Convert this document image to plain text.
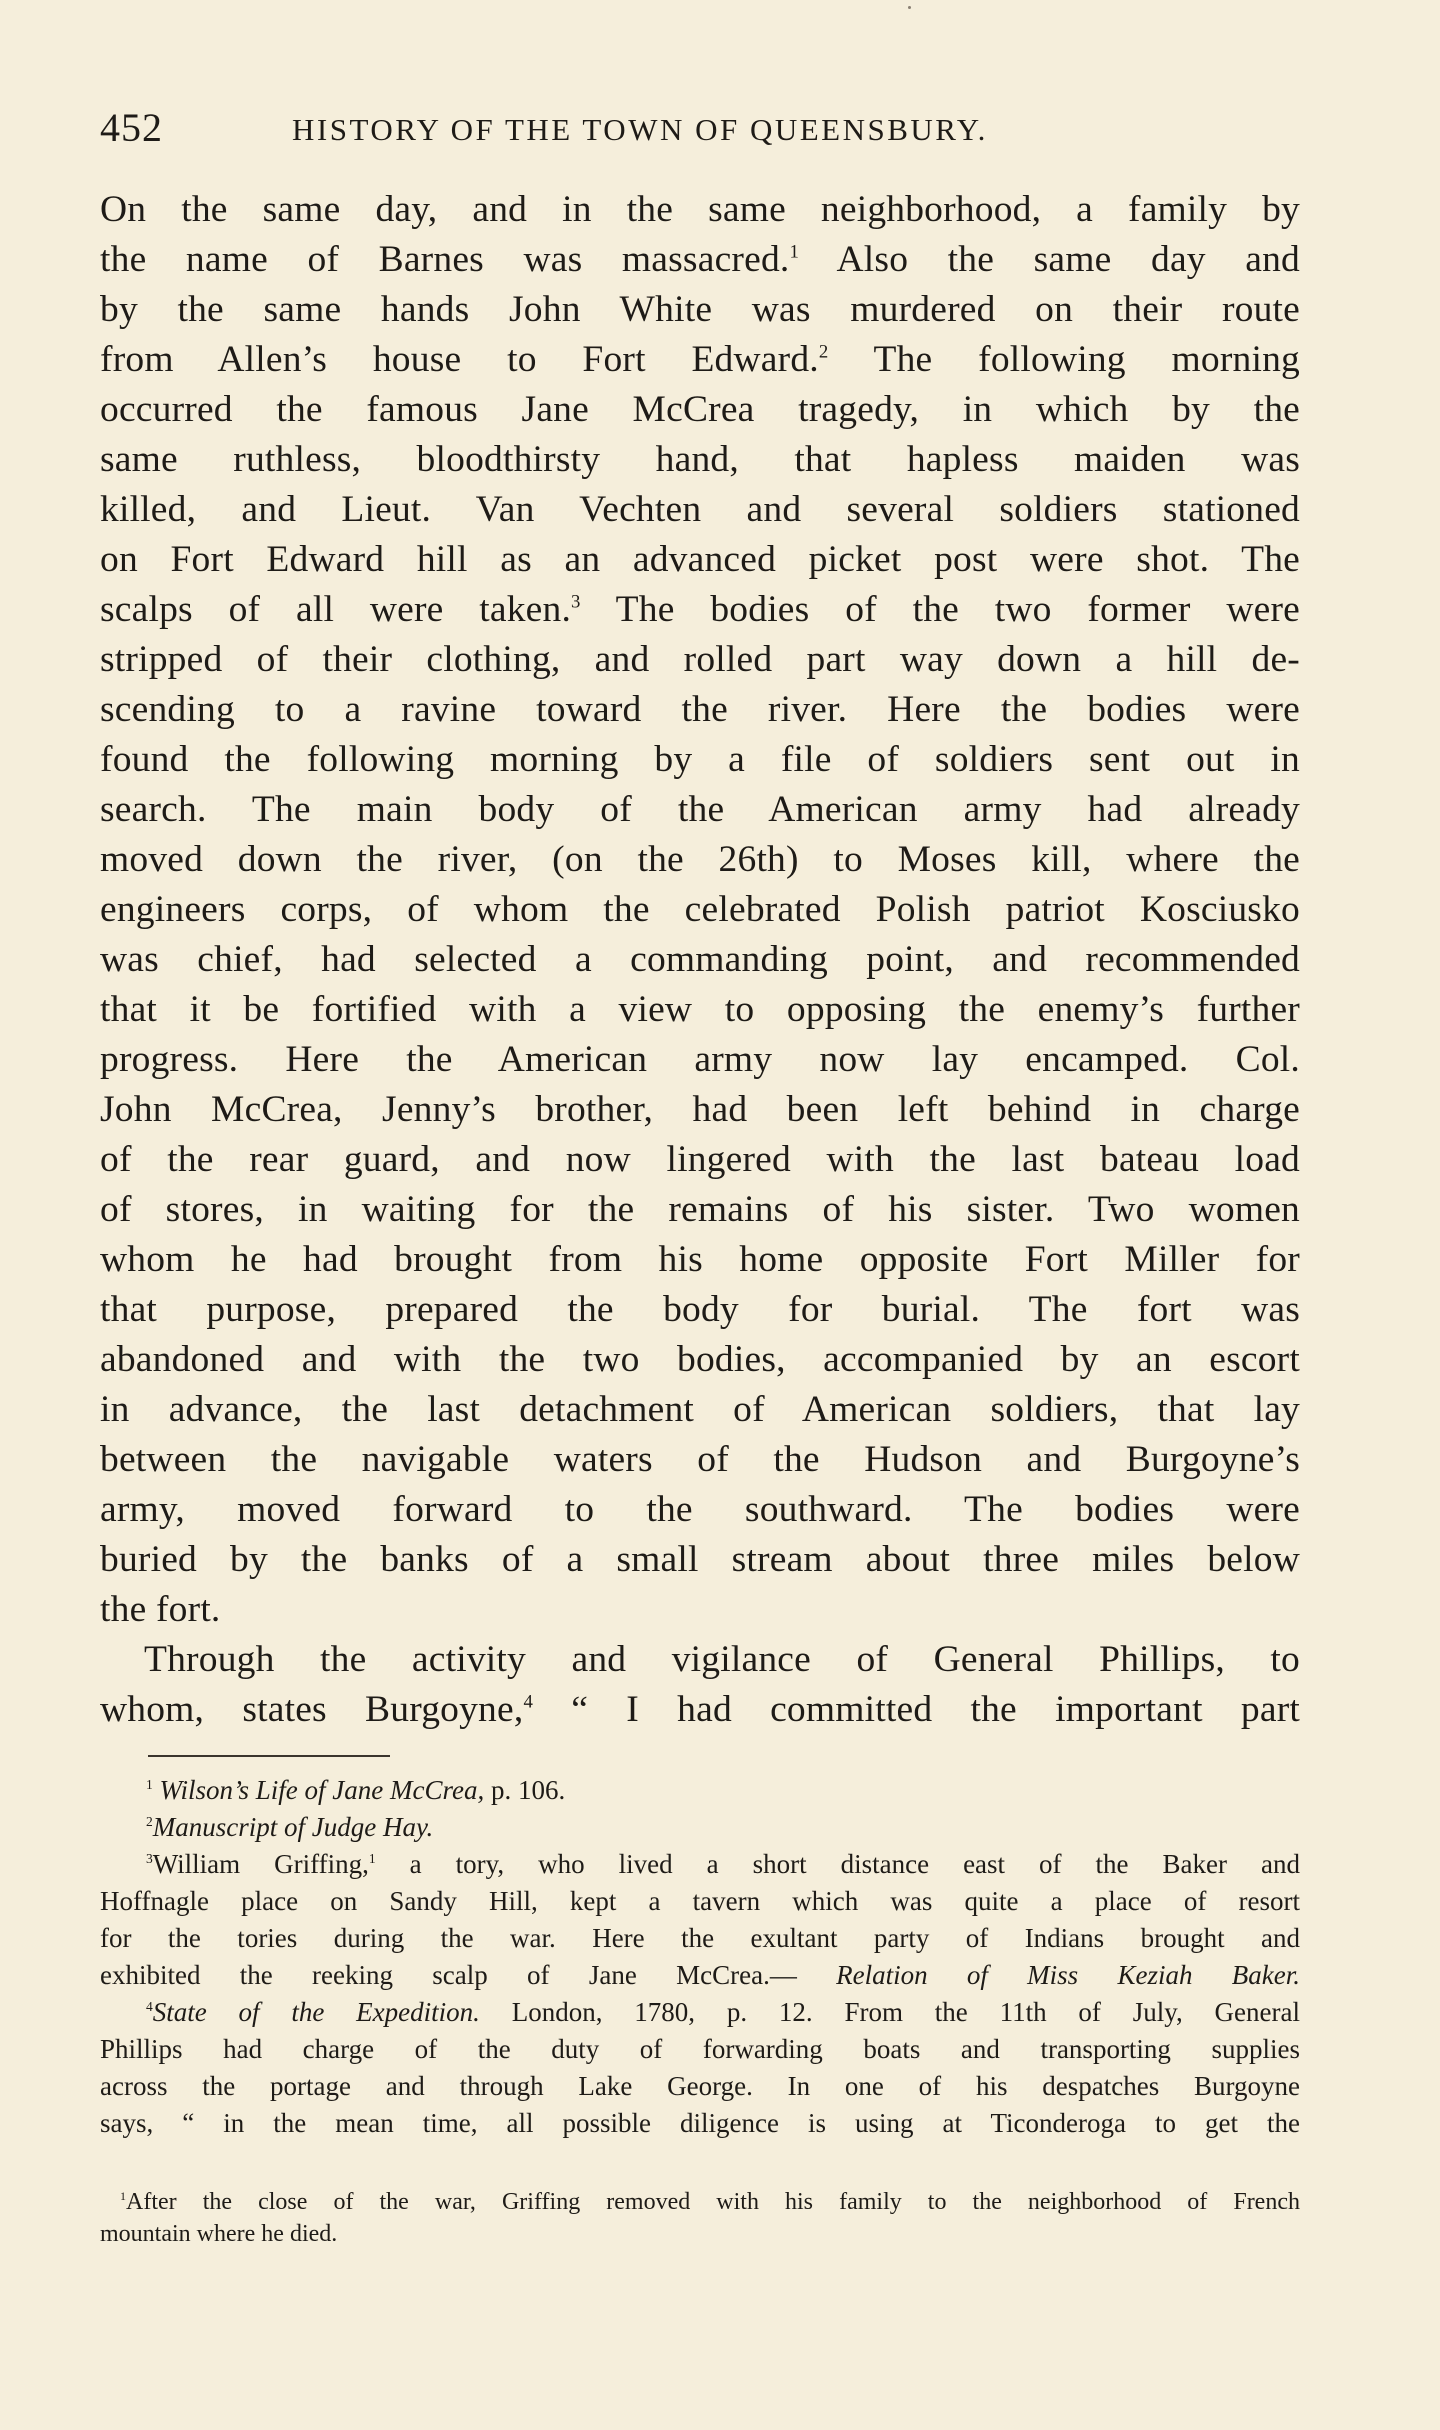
452	HISTORY OF THE TOWN OF QUEENSBURY.
On the same day, and in the same neighborhood, a family by
the name of Barnes was massacred.$^1$ Also the same day and
by the same hands John White was murdered on their route
from Allen’s house to Fort Edward.$^2$ The following morning
occurred the famous Jane McCrea tragedy, in which by the
same ruthless, bloodthirsty hand, that hapless maiden was
killed, and Lieut. Van Vechten and several soldiers stationed
on Fort Edward hill as an advanced picket post were shot. The
scalps of all were taken.$^3$ The bodies of the two former were
stripped of their clothing, and rolled part way down a hill de-
scending to a ravine toward the river. Here the bodies were
found the following morning by a file of soldiers sent out in
search. The main body of the American army had already
moved down the river, (on the 26th) to Moses kill, where the
engineers corps, of whom the celebrated Polish patriot Kosciusko
was chief, had selected a commanding point, and recommended
that it be fortified with a view to opposing the enemy’s further
progress. Here the American army now lay encamped. Col.
John McCrea, Jenny’s brother, had been left behind in charge
of the rear guard, and now lingered with the last bateau load
of stores, in waiting for the remains of his sister. Two women
whom he had brought from his home opposite Fort Miller for
that purpose, prepared the body for burial. The fort was
abandoned and with the two bodies, accompanied by an escort
in advance, the last detachment of American soldiers, that lay
between the navigable waters of the Hudson and Burgoyne’s
army, moved forward to the southward. The bodies were
buried by the banks of a small stream about three miles below
the fort.
Through the activity and vigilance of General Phillips, to
whom, states Burgoyne,$^4$ “ I had committed the important part
$^1$ Wilson’s Life of Jane McCrea, p. 106.
$^2$Manuscript of Judge Hay.
$^3$William Griffing,$^1$ a tory, who lived a short distance east of the Baker and
Hoffnagle place on Sandy Hill, kept a tavern which was quite a place of resort
for the tories during the war. Here the exultant party of Indians brought and
exhibited the reeking scalp of Jane McCrea.— Relation of Miss Keziah Baker.
$^4$State of the Expedition. London, 1780, p. 12. From the 11th of July, General
Phillips had charge of the duty of forwarding boats and transporting supplies
across the portage and through Lake George. In one of his despatches Burgoyne
says, “ in the mean time, all possible diligence is using at Ticonderoga to get the
$^1$After the close of the war, Griffing removed with his family to the neighborhood of French
mountain where he died.
